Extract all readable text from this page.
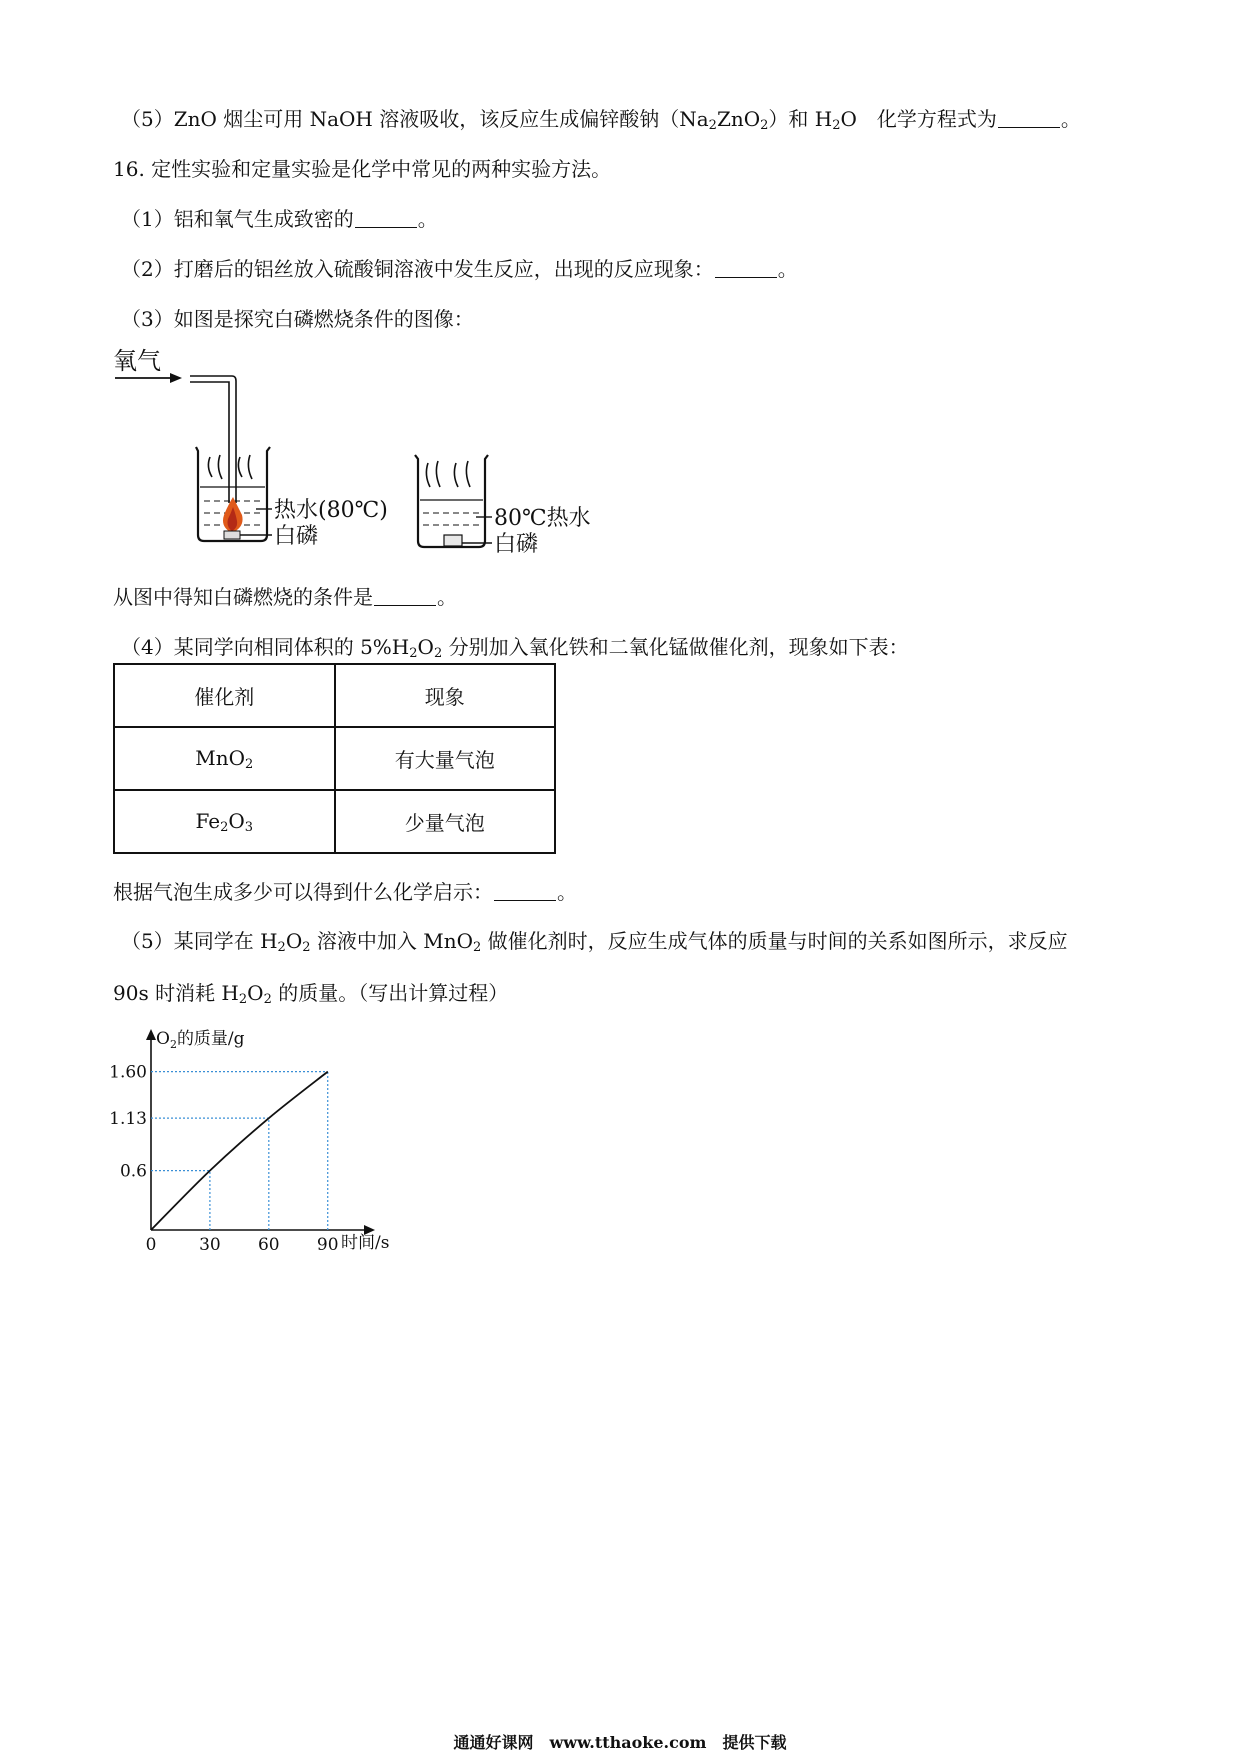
（5）ZnO 烟尘可用 NaOH 溶液吸收，该反应生成偏锌酸钠$(Na_2ZnO_2)$和 $H_2O$　化学方程式为	。
16. 定性实验和定量实验是化学中常见的两种实验方法。
（1）铝和氧气生成致密的	。
（2）打磨后的铝丝放入硫酸铜溶液中发生反应，出现的反应现象：	。
（3）如图是探究白磷燃烧条件的图像：
氧气
热水(80℃)
白磷
80℃热水
白磷
从图中得知白磷燃烧的条件是	。
（4）某同学向相同体积的 $5\%H_2O_2$ 分别加入氧化铁和二氧化锰做催化剂，现象如下表：
催化剂	现象
MnO$_2$	有大量气泡
$Fe_2O_3$	少量气泡
根据气泡生成多少可以得到什么化学启示：	。
（5）某同学在 $H_2O_2$ 溶液中加入 MnO$_2$ 做催化剂时，反应生成气体的质量与时间的关系如图所示，求反应
90s 时消耗 $H_2O_2$ 的质量。（写出计算过程）
$O_2$的质量/g
时间/s
0	30 60 90
0.6
1.13
1.60
通通好课网　www.tthaoke.com　提供下载
